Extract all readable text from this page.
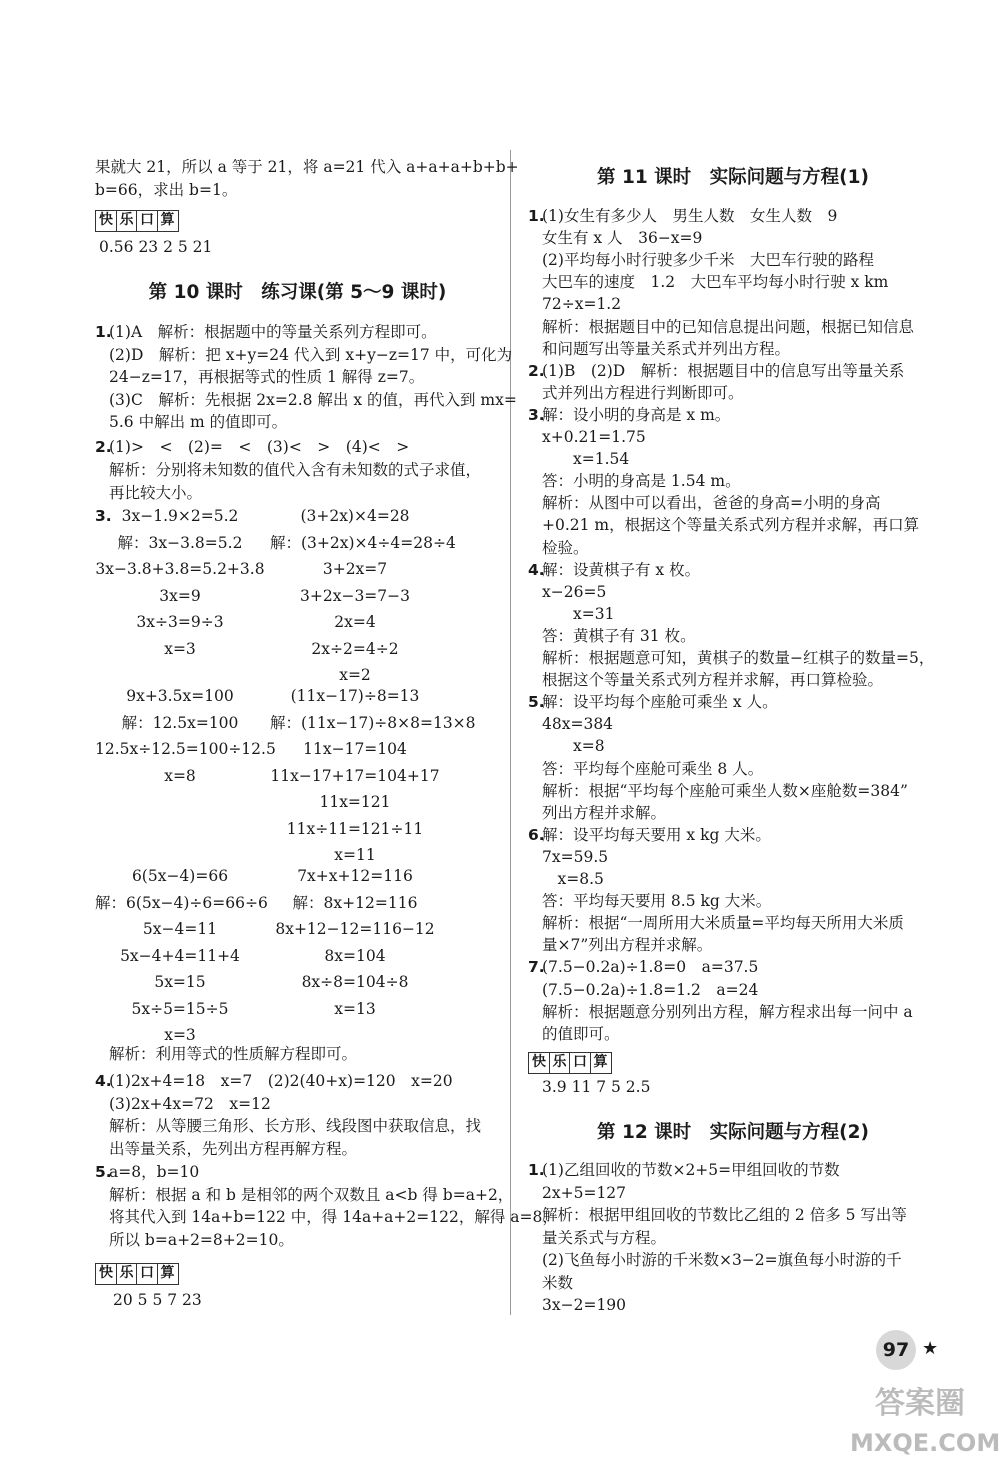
果就大 21，所以 a 等于 21，将 a=21 代入 a+a+a+b+b+
b=66，求出 b=1。
快 乐 口 算
0.56 23 2 5 21
第 10 课时　练习课(第 5～9 课时)
1.(1)A　解析：根据题中的等量关系列方程即可。
(2)D　解析：把 x+y=24 代入到 x+y−z=17 中，可化为
24−z=17，再根据等式的性质 1 解得 z=7。
(3)C　解析：先根据 2x=2.8 解出 x 的值，再代入到 mx=
5.6 中解出 m 的值即可。
2.(1)>　<　(2)=　<　(3)<　>　(4)<　>
解析：分别将未知数的值代入含有未知数的式子求值，
再比较大小。
3. 3x−1.9×2=5.2
解：3x−3.8=5.2
3x−3.8+3.8=5.2+3.8
3x=9
3x÷3=9÷3
x=3
(3+2x)×4=28
解：(3+2x)×4÷4=28÷4
3+2x=7
3+2x−3=7−3
2x=4
2x÷2=4÷2
x=2
9x+3.5x=100
解：12.5x=100
12.5x÷12.5=100÷12.5
x=8
(11x−17)÷8=13
解：(11x−17)÷8×8=13×8
11x−17=104
11x−17+17=104+17
11x=121
11x÷11=121÷11
x=11
6(5x−4)=66
解：6(5x−4)÷6=66÷6
5x−4=11
5x−4+4=11+4
5x=15
5x÷5=15÷5
x=3
7x+x+12=116
解：8x+12=116
8x+12−12=116−12
8x=104
8x÷8=104÷8
x=13
解析：利用等式的性质解方程即可。
4.(1)2x+4=18　x=7　(2)2(40+x)=120　x=20
(3)2x+4x=72　x=12
解析：从等腰三角形、长方形、线段图中获取信息，找
出等量关系，先列出方程再解方程。
5.a=8，b=10
解析：根据 a 和 b 是相邻的两个双数且 a<b 得 b=a+2，
将其代入到 14a+b=122 中，得 14a+a+2=122，解得 a=8，
所以 b=a+2=8+2=10。
快 乐 口 算
20 5 5 7 23
第 11 课时　实际问题与方程(1)
1.(1)女生有多少人　男生人数　女生人数　9
女生有 x 人　36−x=9
(2)平均每小时行驶多少千米　大巴车行驶的路程
大巴车的速度　1.2　大巴车平均每小时行驶 x km
72÷x=1.2
解析：根据题目中的已知信息提出问题，根据已知信息
和问题写出等量关系式并列出方程。
2.(1)B　(2)D　解析：根据题目中的信息写出等量关系
式并列出方程进行判断即可。
3.解：设小明的身高是 x m。
x+0.21=1.75
　　x=1.54
答：小明的身高是 1.54 m。
解析：从图中可以看出，爸爸的身高=小明的身高
+0.21 m，根据这个等量关系式列方程并求解，再口算
检验。
4.解：设黄棋子有 x 枚。
x−26=5
　　x=31
答：黄棋子有 31 枚。
解析：根据题意可知，黄棋子的数量−红棋子的数量=5，
根据这个等量关系式列方程并求解，再口算检验。
5.解：设平均每个座舱可乘坐 x 人。
48x=384
　　x=8
答：平均每个座舱可乘坐 8 人。
解析：根据“平均每个座舱可乘坐人数×座舱数=384”
列出方程并求解。
6.解：设平均每天要用 x kg 大米。
7x=59.5
　x=8.5
答：平均每天要用 8.5 kg 大米。
解析：根据“一周所用大米质量=平均每天所用大米质
量×7”列出方程并求解。
7.(7.5−0.2a)÷1.8=0　a=37.5
(7.5−0.2a)÷1.8=1.2　a=24
解析：根据题意分别列出方程，解方程求出每一问中 a
的值即可。
快 乐 口 算
3.9 11 7 5 2.5
第 12 课时　实际问题与方程(2)
1.(1)乙组回收的节数×2+5=甲组回收的节数
2x+5=127
解析：根据甲组回收的节数比乙组的 2 倍多 5 写出等
量关系式与方程。
(2)飞鱼每小时游的千米数×3−2=旗鱼每小时游的千
米数
3x−2=190
97 ★
答案圈
MXQE.COM
